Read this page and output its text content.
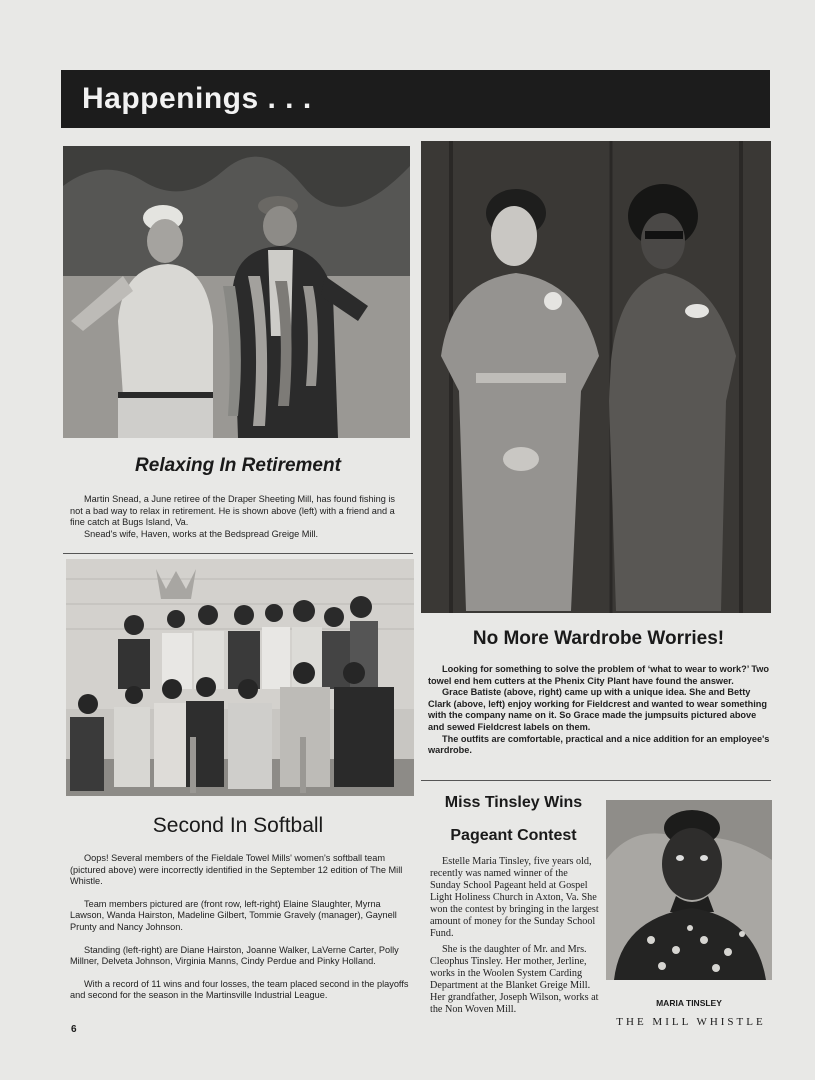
Happenings . . .
Relaxing In Retirement

Martin Snead, a June retiree of the Draper Sheeting Mill, has found fishing is not a bad way to relax in retirement. He is shown above (left) with a friend and a fine catch at Bugs Island, Va.

Snead's wife, Haven, works at the Bedspread Greige Mill.

Second In Softball

Oops! Several members of the Fieldale Towel Mills' women's softball team (pictured above) were incorrectly identified in the September 12 edition of The Mill Whistle.

Team members pictured are (front row, left-right) Elaine Slaughter, Myrna Lawson, Wanda Hairston, Madeline Gilbert, Tommie Gravely (manager), Gaynell Prunty and Nancy Johnson.

Standing (left-right) are Diane Hairston, Joanne Walker, LaVerne Carter, Polly Millner, Delveta Johnson, Virginia Manns, Cindy Perdue and Pinky Holland.

With a record of 11 wins and four losses, the team placed second in the playoffs and second for the season in the Martinsville Industrial League.

No More Wardrobe Worries!

Looking for something to solve the problem of ‘what to wear to work?’ Two towel end hem cutters at the Phenix City Plant have found the answer.

Grace Batiste (above, right) came up with a unique idea. She and Betty Clark (above, left) enjoy working for Fieldcrest and wanted to wear something with the company name on it. So Grace made the jumpsuits pictured above and sewed Fieldcrest labels on them.

The outfits are comfortable, practical and a nice addition for an employee's wardrobe.

Miss Tinsley Wins
Pageant Contest

Estelle Maria Tinsley, five years old, recently was named winner of the Sunday School Pageant held at Gospel Light Holiness Church in Axton, Va. She won the contest by bringing in the largest amount of money for the Sunday School Fund.

She is the daughter of Mr. and Mrs. Cleophus Tinsley. Her mother, Jerline, works in the Woolen System Carding Department at the Blanket Greige Mill. Her grandfather, Joseph Wilson, works at the Non Woven Mill.

MARIA TINSLEY
6
THE MILL WHISTLE
